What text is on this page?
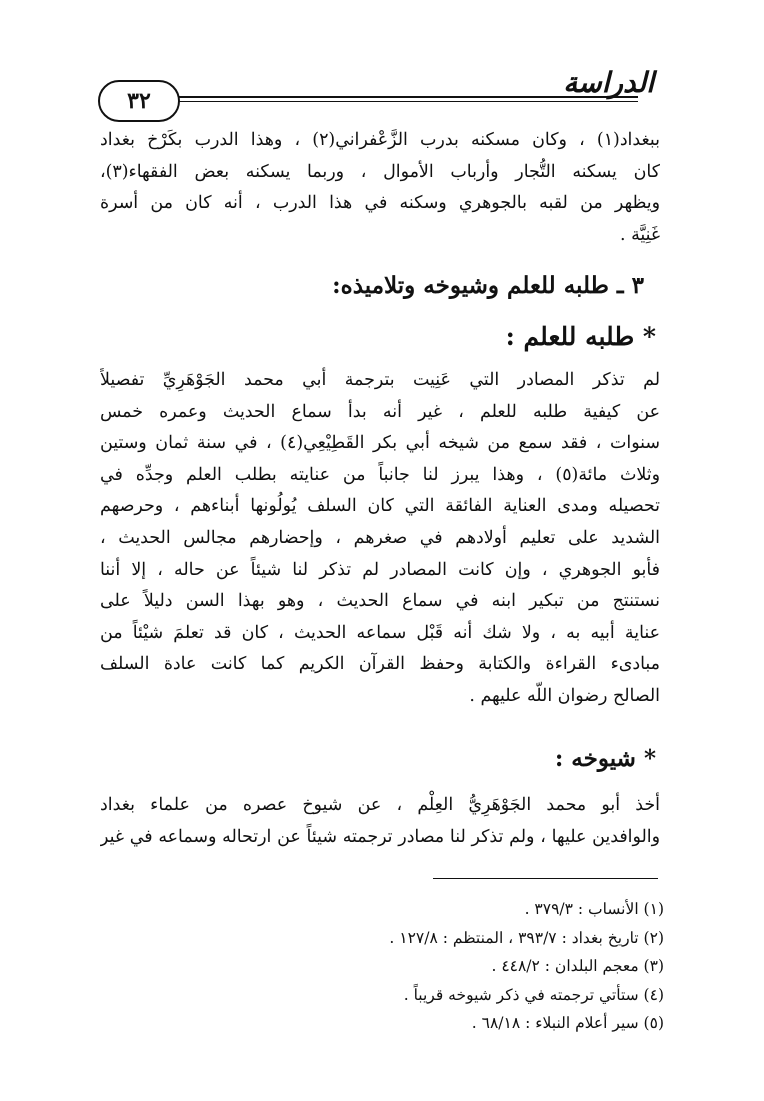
الدراسة
٣٢
ببغداد(١) ، وكان مسكنه بدرب الزَّعْفراني(٢) ، وهذا الدرب بكَرْخ بغداد
كان يسكنه التُّجار وأرباب الأموال ، وربما يسكنه بعض الفقهاء(٣)،
ويظهر من لقبه بالجوهري وسكنه في هذا الدرب ، أنه كان من أسرة
غَنِيَّة .
٣ ـ طلبه للعلم وشيوخه وتلاميذه:
* طلبه للعلم :
لم تذكر المصادر التي عَنِيت بترجمة أبي محمد الجَوْهَرِيِّ تفصيلاً
عن كيفية طلبه للعلم ، غير أنه بدأ سماع الحديث وعمره خمس
سنوات ، فقد سمع من شيخه أبي بكر القَطِيْعِي(٤) ، في سنة ثمان وستين
وثلاث مائة(٥) ، وهذا يبرز لنا جانباً من عنايته بطلب العلم وجدِّه في
تحصيله ومدى العناية الفائقة التي كان السلف يُولُونها أبناءهم ، وحرصهم
الشديد على تعليم أولادهم في صغرهم ، وإحضارهم مجالس الحديث ،
فأبو الجوهري ، وإن كانت المصادر لم تذكر لنا شيئاً عن حاله ، إلا أننا
نستنتج من تبكير ابنه في سماع الحديث ، وهو بهذا السن دليلاً على
عناية أبيه به ، ولا شك أنه قَبْل سماعه الحديث ، كان قد تعلمَ شيْئاً من
مبادىء القراءة والكتابة وحفظ القرآن الكريم كما كانت عادة السلف
الصالح رضوان اللّه عليهم .
* شيوخه :
أخذ أبو محمد الجَوْهَرِيُّ العِلْم ، عن شيوخ عصره من علماء بغداد
والوافدين عليها ، ولم تذكر لنا مصادر ترجمته شيئاً عن ارتحاله وسماعه في غير
(١) الأنساب : ٣٧٩/٣ .
(٢) تاريخ بغداد : ٣٩٣/٧ ، المنتظم : ١٢٧/٨ .
(٣) معجم البلدان : ٤٤٨/٢ .
(٤) ستأتي ترجمته في ذكر شيوخه قريباً .
(٥) سير أعلام النبلاء : ٦٨/١٨ .
